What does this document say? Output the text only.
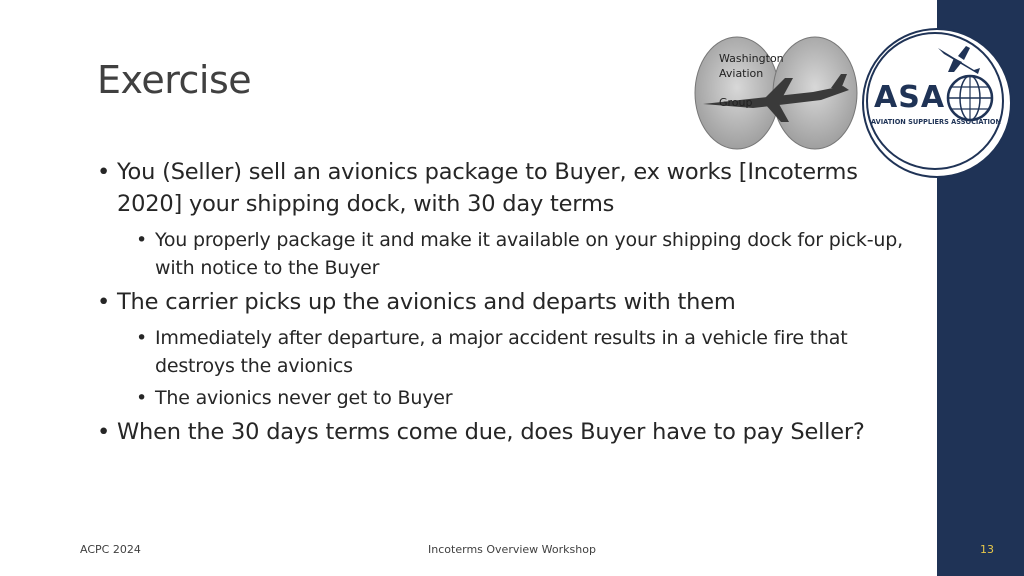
Exercise	Washington
Aviation
Group	ASA
AVIATION SUPPLIERS ASSOCIATION
• You (Seller) sell an avionics package to Buyer, ex works [Incoterms 2020] your shipping dock, with 30 day terms
• You properly package it and make it available on your shipping dock for pick-up, with notice to the Buyer
• The carrier picks up the avionics and departs with them
• Immediately after departure, a major accident results in a vehicle fire that destroys the avionics
• The avionics never get to Buyer
• When the 30 days terms come due, does Buyer have to pay Seller?
ACPC 2024	Incoterms Overview Workshop	13
